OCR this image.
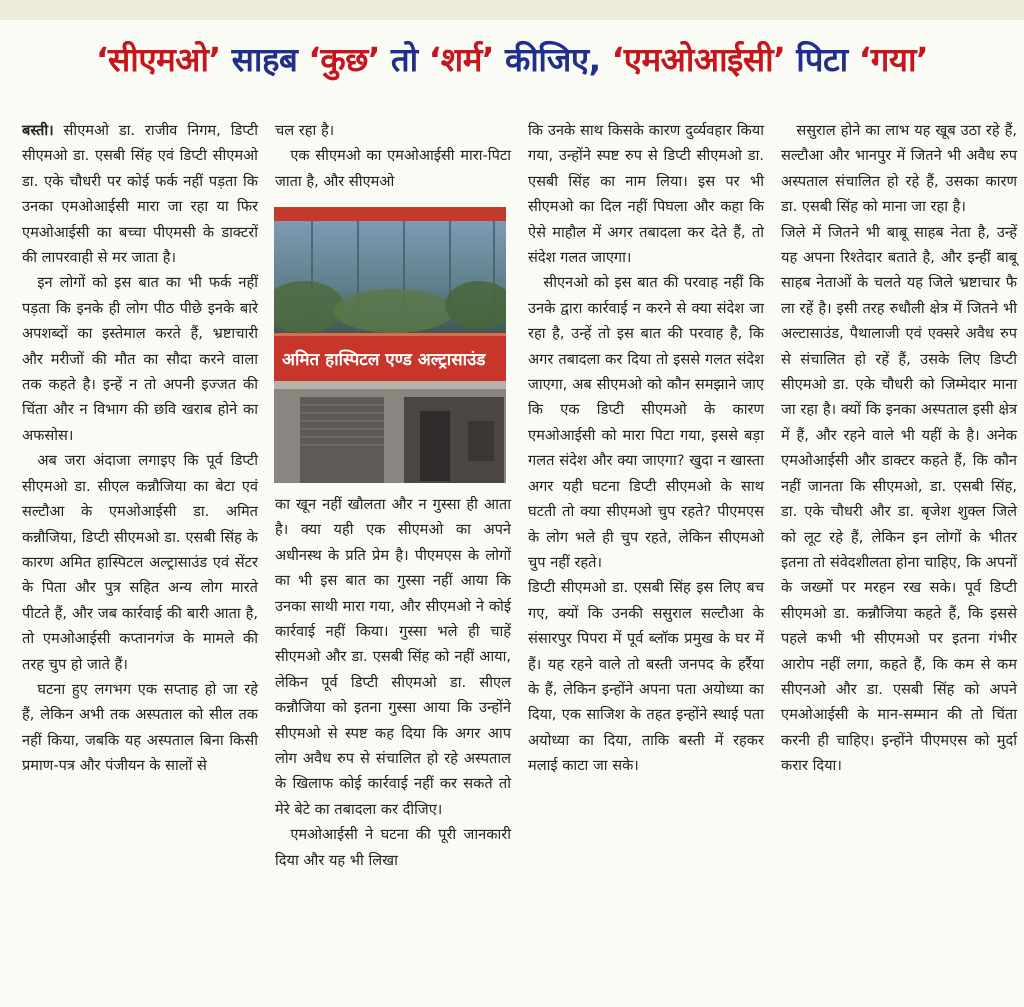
‘सीएमओ’ साहब ‘कुछ’ तो ‘शर्म’ कीजिए, ‘एमओआईसी’ पिटा ‘गया’

बस्ती। सीएमओ डा. राजीव निगम, डिप्टी सीएमओ डा. एसबी सिंह एवं डिप्टी सीएमओ डा. एके चौधरी पर कोई फर्क नहीं पड़ता कि उनका एमओआईसी मारा जा रहा या फिर एमओआईसी का बच्चा पीएमसी के डाक्टरों की लापरवाही से मर जाता है।

इन लोगों को इस बात का भी फर्क नहीं पड़ता कि इनके ही लोग पीठ पीछे इनके बारे अपशब्दों का इस्तेमाल करते हैं, भ्रष्टाचारी और मरीजों की मौत का सौदा करने वाला तक कहते है। इन्हें न तो अपनी इज्जत की चिंता और न विभाग की छवि खराब होने का अफसोस।

अब जरा अंदाजा लगाइए कि पूर्व डिप्टी सीएमओ डा. सीएल कन्नौजिया का बेटा एवं सल्टौआ के एमओआईसी डा. अमित कन्नौजिया, डिप्टी सीएमओ डा. एसबी सिंह के कारण अमित हास्पिटल अल्ट्रासाउंड एवं सेंटर के पिता और पुत्र सहित अन्य लोग मारते पीटते हैं, और जब कार्रवाई की बारी आता है, तो एमओआईसी कप्तानगंज के मामले की तरह चुप हो जाते हैं।

घटना हुए लगभग एक सप्ताह हो जा रहे हैं, लेकिन अभी तक अस्पताल को सील तक नहीं किया, जबकि यह अस्पताल बिना किसी प्रमाण-पत्र और पंजीयन के सालों से

चल रहा है।

एक सीएमओ का एमओआईसी मारा-पिटा जाता है, और सीएमओ

अमित हास्पिटल एण्ड अल्ट्रासाउंड

का खून नहीं खौलता और न गुस्सा ही आता है। क्या यही एक सीएमओ का अपने अधीनस्थ के प्रति प्रेम है। पीएमएस के लोगों का भी इस बात का गुस्सा नहीं आया कि उनका साथी मारा गया, और सीएमओ ने कोई कार्रवाई नहीं किया। गुस्सा भले ही चाहें सीएमओ और डा. एसबी सिंह को नहीं आया, लेकिन पूर्व डिप्टी सीएमओ डा. सीएल कन्नौजिया को इतना गुस्सा आया कि उन्होंने सीएमओ से स्पष्ट कह दिया कि अगर आप लोग अवैध रुप से संचालित हो रहे अस्पताल के खिलाफ कोई कार्रवाई नहीं कर सकते तो मेरे बेटे का तबादला कर दीजिए।

एमओआईसी ने घटना की पूरी जानकारी दिया और यह भी लिखा

कि उनके साथ किसके कारण दुर्व्यवहार किया गया, उन्होंने स्पष्ट रुप से डिप्टी सीएमओ डा. एसबी सिंह का नाम लिया। इस पर भी सीएमओ का दिल नहीं पिघला और कहा कि ऐसे माहौल में अगर तबादला कर देते हैं, तो संदेश गलत जाएगा।

सीएनओ को इस बात की परवाह नहीं कि उनके द्वारा कार्रवाई न करने से क्या संदेश जा रहा है, उन्हें तो इस बात की परवाह है, कि अगर तबादला कर दिया तो इससे गलत संदेश जाएगा, अब सीएमओ को कौन समझाने जाए कि एक डिप्टी सीएमओ के कारण एमओआईसी को मारा पिटा गया, इससे बड़ा गलत संदेश और क्या जाएगा? खुदा न खास्ता अगर यही घटना डिप्टी सीएमओ के साथ घटती तो क्या सीएमओ चुप रहते? पीएमएस के लोग भले ही चुप रहते, लेकिन सीएमओ चुप नहीं रहते।

डिप्टी सीएमओ डा. एसबी सिंह इस लिए बच गए, क्यों कि उनकी ससुराल सल्टौआ के संसारपुर पिपरा में पूर्व ब्लॉक प्रमुख के घर में हैं। यह रहने वाले तो बस्ती जनपद के हर्रैया के हैं, लेकिन इन्होंने अपना पता अयोध्या का दिया, एक साजिश के तहत इन्होंने स्थाई पता अयोध्या का दिया, ताकि बस्ती में रहकर मलाई काटा जा सके।

ससुराल होने का लाभ यह खूब उठा रहे हैं, सल्टौआ और भानपुर में जितने भी अवैध रुप अस्पताल संचालित हो रहे हैं, उसका कारण डा. एसबी सिंह को माना जा रहा है।

जिले में जितने भी बाबू साहब नेता है, उन्हें यह अपना रिश्तेदार बताते है, और इन्हीं बाबू साहब नेताओं के चलते यह जिले भ्रष्टाचार फै ला रहें है। इसी तरह रुधौली क्षेत्र में जितने भी अल्टासाउंड, पैथालाजी एवं एक्सरे अवैध रुप से संचालित हो रहें हैं, उसके लिए डिप्टी सीएमओ डा. एके चौधरी को जिम्मेदार माना जा रहा है। क्यों कि इनका अस्पताल इसी क्षेत्र में हैं, और रहने वाले भी यहीं के है। अनेक एमओआईसी और डाक्टर कहते हैं, कि कौन नहीं जानता कि सीएमओ, डा. एसबी सिंह, डा. एके चौधरी और डा. बृजेश शुक्ल जिले को लूट रहे हैं, लेकिन इन लोगों के भीतर इतना तो संवेदशीलता होना चाहिए, कि अपनों के जख्मों पर मरहन रख सके। पूर्व डिप्टी सीएमओ डा. कन्नौजिया कहते हैं, कि इससे पहले कभी भी सीएमओ पर इतना गंभीर आरोप नहीं लगा, कहते हैं, कि कम से कम सीएनओ और डा. एसबी सिंह को अपने एमओआईसी के मान-सम्मान की तो चिंता करनी ही चाहिए। इन्होंने पीएमएस को मुर्दा करार दिया।
